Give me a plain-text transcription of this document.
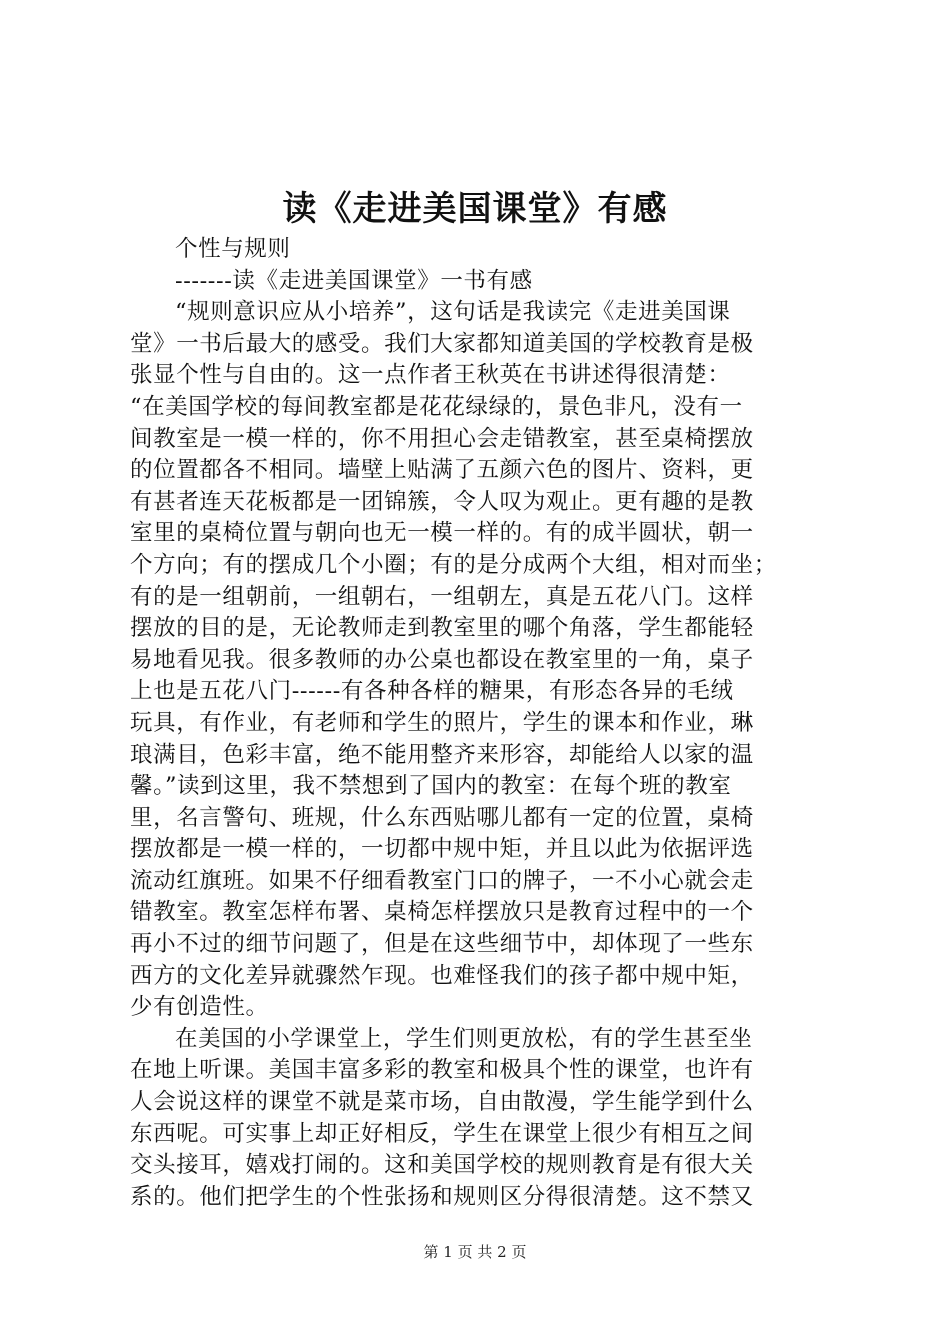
读《走进美国课堂》有感
个性与规则
-------读《走进美国课堂》一书有感
“规则意识应从小培养”，这句话是我读完《走进美国课
堂》一书后最大的感受。我们大家都知道美国的学校教育是极
张显个性与自由的。这一点作者王秋英在书讲述得很清楚：
“在美国学校的每间教室都是花花绿绿的，景色非凡，没有一
间教室是一模一样的，你不用担心会走错教室，甚至桌椅摆放
的位置都各不相同。墙壁上贴满了五颜六色的图片、资料，更
有甚者连天花板都是一团锦簇，令人叹为观止。更有趣的是教
室里的桌椅位置与朝向也无一模一样的。有的成半圆状，朝一
个方向；有的摆成几个小圈；有的是分成两个大组，相对而坐；
有的是一组朝前，一组朝右，一组朝左，真是五花八门。这样
摆放的目的是，无论教师走到教室里的哪个角落，学生都能轻
易地看见我。很多教师的办公桌也都设在教室里的一角，桌子
上也是五花八门------有各种各样的糖果，有形态各异的毛绒
玩具，有作业，有老师和学生的照片，学生的课本和作业，琳
琅满目，色彩丰富，绝不能用整齐来形容，却能给人以家的温
馨。”读到这里，我不禁想到了国内的教室：在每个班的教室
里，名言警句、班规，什么东西贴哪儿都有一定的位置，桌椅
摆放都是一模一样的，一切都中规中矩，并且以此为依据评选
流动红旗班。如果不仔细看教室门口的牌子，一不小心就会走
错教室。教室怎样布署、桌椅怎样摆放只是教育过程中的一个
再小不过的细节问题了，但是在这些细节中，却体现了一些东
西方的文化差异就骤然乍现。也难怪我们的孩子都中规中矩，
少有创造性。
在美国的小学课堂上，学生们则更放松，有的学生甚至坐
在地上听课。美国丰富多彩的教室和极具个性的课堂，也许有
人会说这样的课堂不就是菜市场，自由散漫，学生能学到什么
东西呢。可实事上却正好相反，学生在课堂上很少有相互之间
交头接耳，嬉戏打闹的。这和美国学校的规则教育是有很大关
系的。他们把学生的个性张扬和规则区分得很清楚。这不禁又
第 1 页 共 2 页
